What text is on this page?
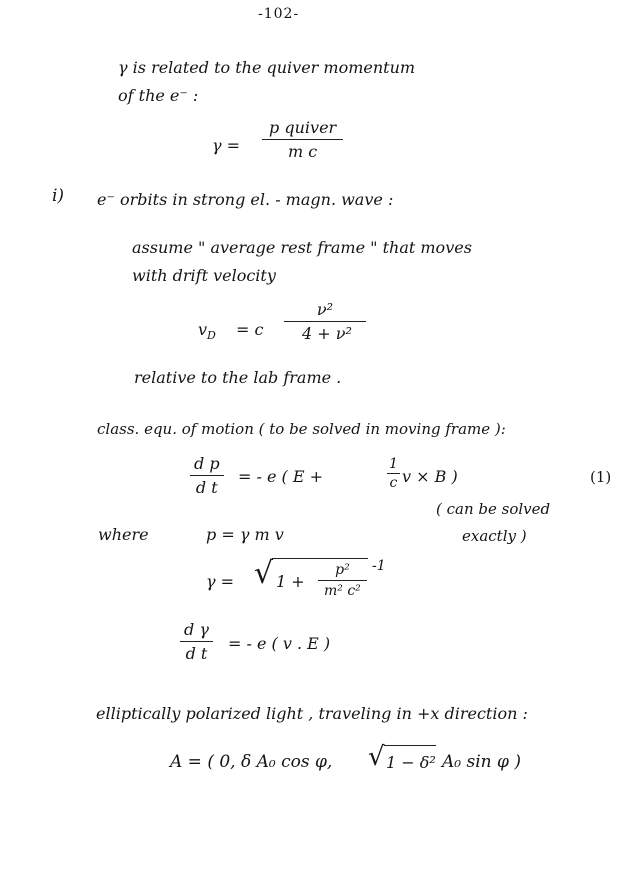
-102-
γ is related to the quiver momentum
of the e⁻ :
γ =
p quiver
m c
i) e⁻ orbits in strong el. - magn. wave :
assume " average rest frame " that moves
with drift velocity
$v_D = c \frac{\text{ν²}}{\text{4 + ν²}}$
relative to the lab frame .
class. equ. of motion ( to be solved in moving frame ):
$\frac{\text{d p}}{\text{d t}}$ = - e ( E +	$\frac{1}{c}$ v × B )	(1)
( can be solved
exactly )
where	p = γ m v
γ = √ $1 + \frac{\text{p²}}{\text{m² c²}} -1$
$\frac{\text{d γ}}{\text{d t}}$ = - e ( v . E )
elliptically polarized light , traveling in +x direction :
A = ( 0, δ A₀ cos φ, √ 1 − δ² A₀ sin φ )
